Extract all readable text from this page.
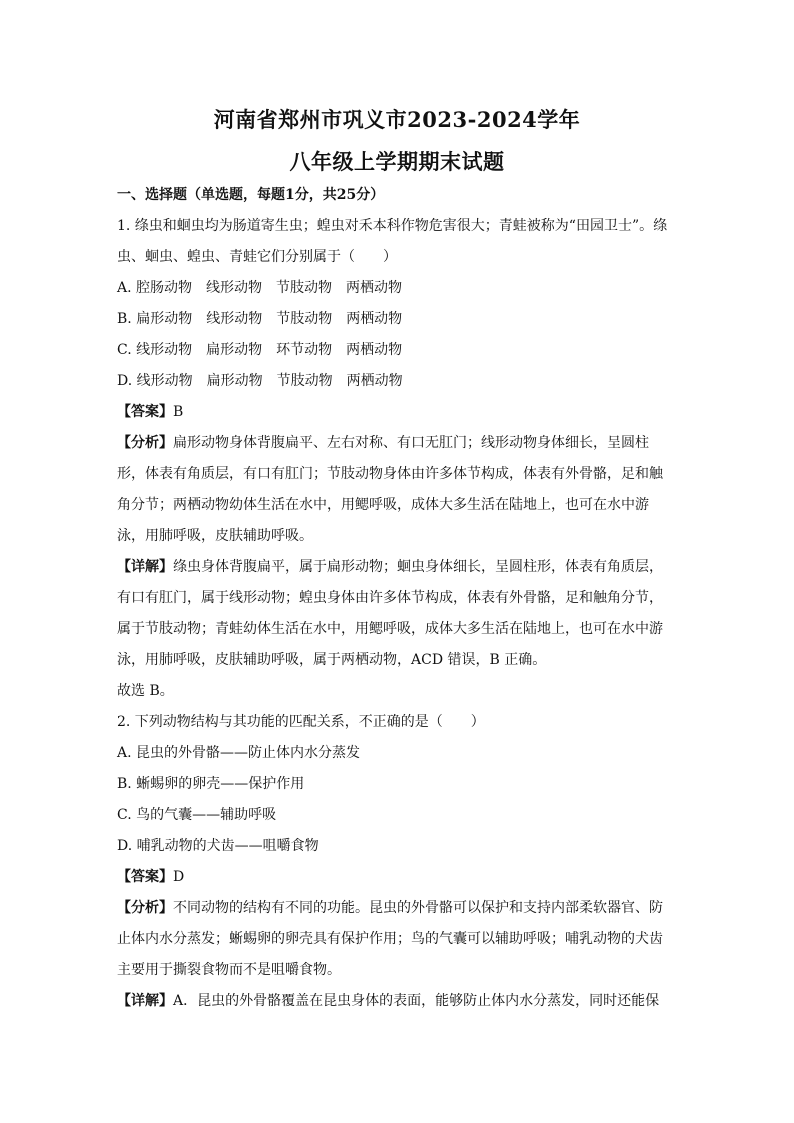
河南省郑州市巩义市2023-2024学年
八年级上学期期末试题
一、选择题（单选题，每题1分，共25分）
1. 绦虫和蛔虫均为肠道寄生虫；蝗虫对禾本科作物危害很大；青蛙被称为“田园卫士”。绦
虫、蛔虫、蝗虫、青蛙它们分别属于（　　）
A. 腔肠动物　线形动物　节肢动物　两栖动物
B. 扁形动物　线形动物　节肢动物　两栖动物
C. 线形动物　扁形动物　环节动物　两栖动物
D. 线形动物　扁形动物　节肢动物　两栖动物
【答案】B
【分析】扁形动物身体背腹扁平、左右对称、有口无肛门；线形动物身体细长，呈圆柱
形，体表有角质层，有口有肛门；节肢动物身体由许多体节构成，体表有外骨骼，足和触
角分节；两栖动物幼体生活在水中，用鳃呼吸，成体大多生活在陆地上，也可在水中游
泳，用肺呼吸，皮肤辅助呼吸。
【详解】绦虫身体背腹扁平，属于扁形动物；蛔虫身体细长，呈圆柱形，体表有角质层，
有口有肛门，属于线形动物；蝗虫身体由许多体节构成，体表有外骨骼，足和触角分节，
属于节肢动物；青蛙幼体生活在水中，用鳃呼吸，成体大多生活在陆地上，也可在水中游
泳，用肺呼吸，皮肤辅助呼吸，属于两栖动物，ACD 错误，B 正确。
故选 B。
2. 下列动物结构与其功能的匹配关系，不正确的是（　　）
A. 昆虫的外骨骼——防止体内水分蒸发
B. 蜥蜴卵的卵壳——保护作用
C. 鸟的气囊——辅助呼吸
D. 哺乳动物的犬齿——咀嚼食物
【答案】D
【分析】不同动物的结构有不同的功能。昆虫的外骨骼可以保护和支持内部柔软器官、防
止体内水分蒸发；蜥蜴卵的卵壳具有保护作用；鸟的气囊可以辅助呼吸；哺乳动物的犬齿
主要用于撕裂食物而不是咀嚼食物。
【详解】A．昆虫的外骨骼覆盖在昆虫身体的表面，能够防止体内水分蒸发，同时还能保
